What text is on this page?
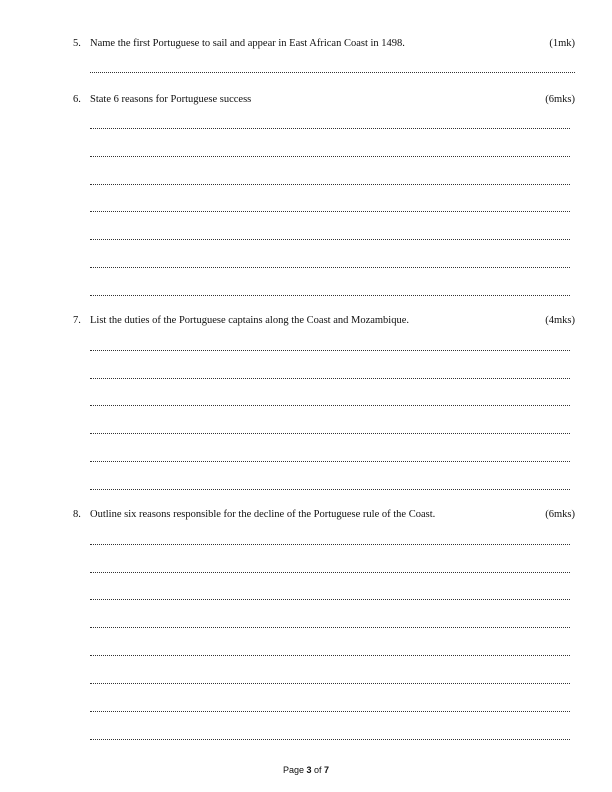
5. Name the first Portuguese to sail and appear in East African Coast in 1498.	(1mk)
6. State 6 reasons for Portuguese success	(6mks)
7. List the duties of the Portuguese captains along the Coast and Mozambique.	(4mks)
8. Outline six reasons responsible for the decline of the Portuguese rule of the Coast.	(6mks)
Page 3 of 7
